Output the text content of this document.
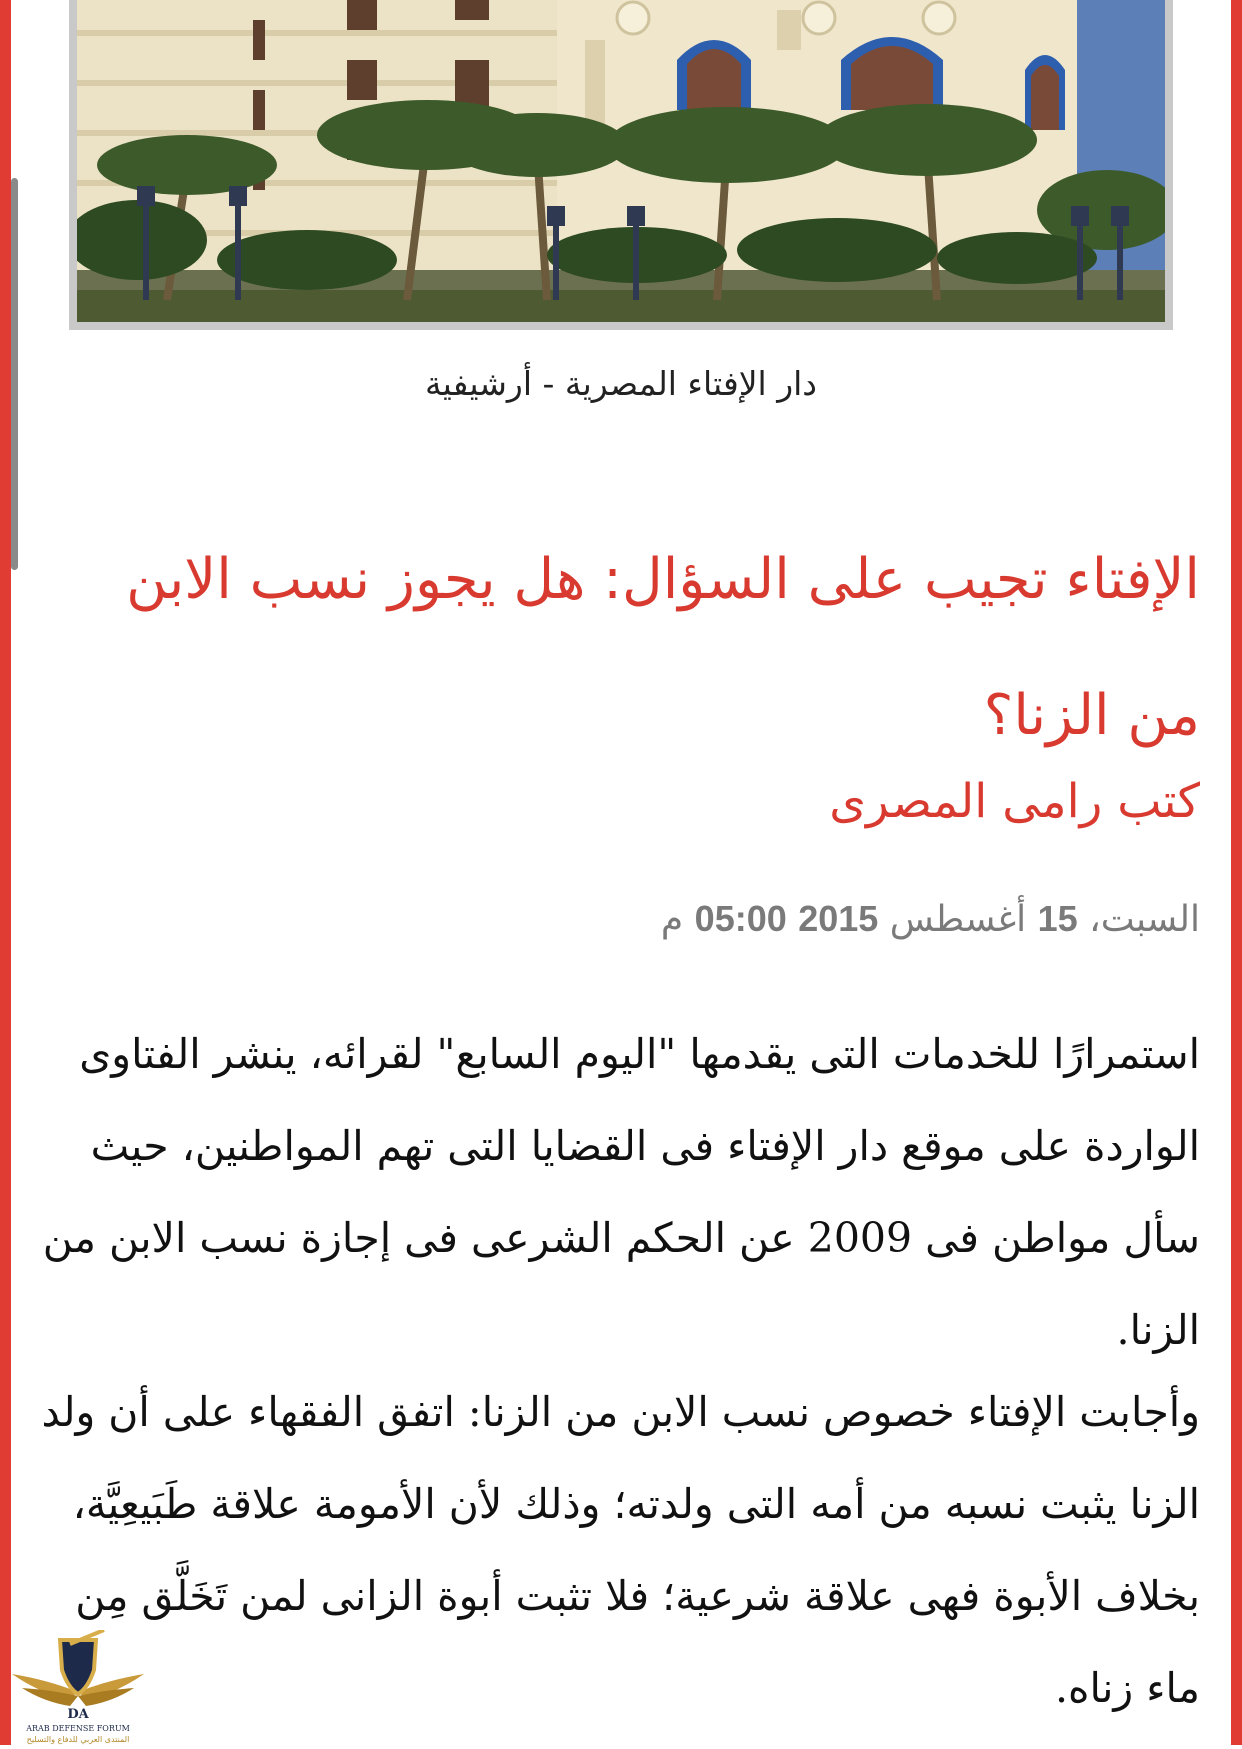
دار الإفتاء المصرية - أرشيفية
الإفتاء تجيب على السؤال: هل يجوز نسب الابن من الزنا؟
كتب رامى المصرى
السبت، 15 أغسطس 2015 05:00 م

استمرارًا للخدمات التى يقدمها "اليوم السابع" لقرائه، ينشر الفتاوى الواردة على موقع دار الإفتاء فى القضايا التى تهم المواطنين، حيث سأل مواطن فى 2009 عن الحكم الشرعى فى إجازة نسب الابن من الزنا.

وأجابت الإفتاء خصوص نسب الابن من الزنا: اتفق الفقهاء على أن ولد الزنا يثبت نسبه من أمه التى ولدته؛ وذلك لأن الأمومة علاقة طَبَيعِيَّة، بخلاف الأبوة فهى علاقة شرعية؛ فلا تثبت أبوة الزانى لمن تَخَلَّق مِن ماء زناه.

DA
ARAB DEFENSE FORUM
المنتدى العربي للدفاع والتسليح
